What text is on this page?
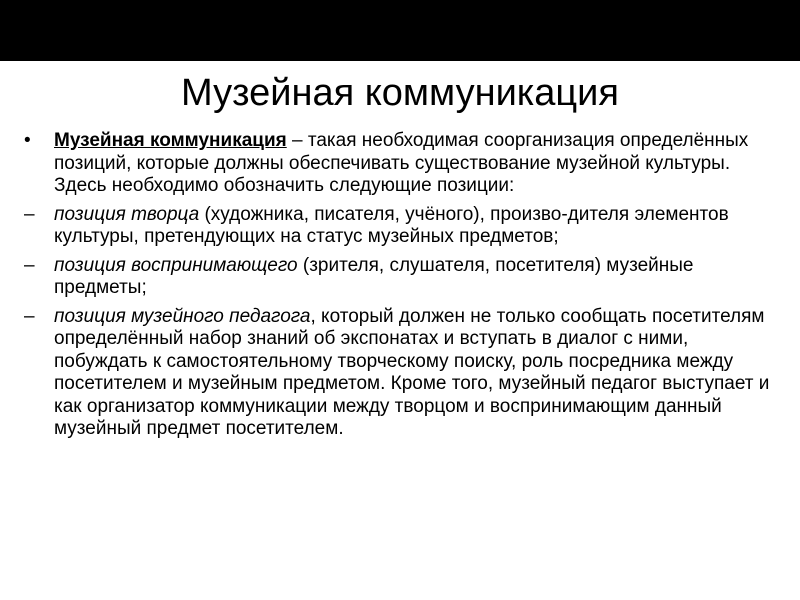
Музейная коммуникация

•	Музейная коммуникация – такая необходимая соорганизация определённых позиций, которые должны обеспечивать существование музейной культуры. Здесь необходимо обозначить следующие позиции:

– позиция творца (художника, писателя, учёного), произво-дителя элементов культуры, претендующих на статус музейных предметов;

– позиция воспринимающего (зрителя, слушателя, посетителя) музейные предметы;

– позиция музейного педагога, который должен не только сообщать посетителям определённый набор знаний об экспонатах и вступать в диалог с ними, побуждать к самостоятельному творческому поиску, роль посредника между посетителем и музейным предметом. Кроме того, музейный педагог выступает и как организатор коммуникации между творцом и воспринимающим данный музейный предмет посетителем.
